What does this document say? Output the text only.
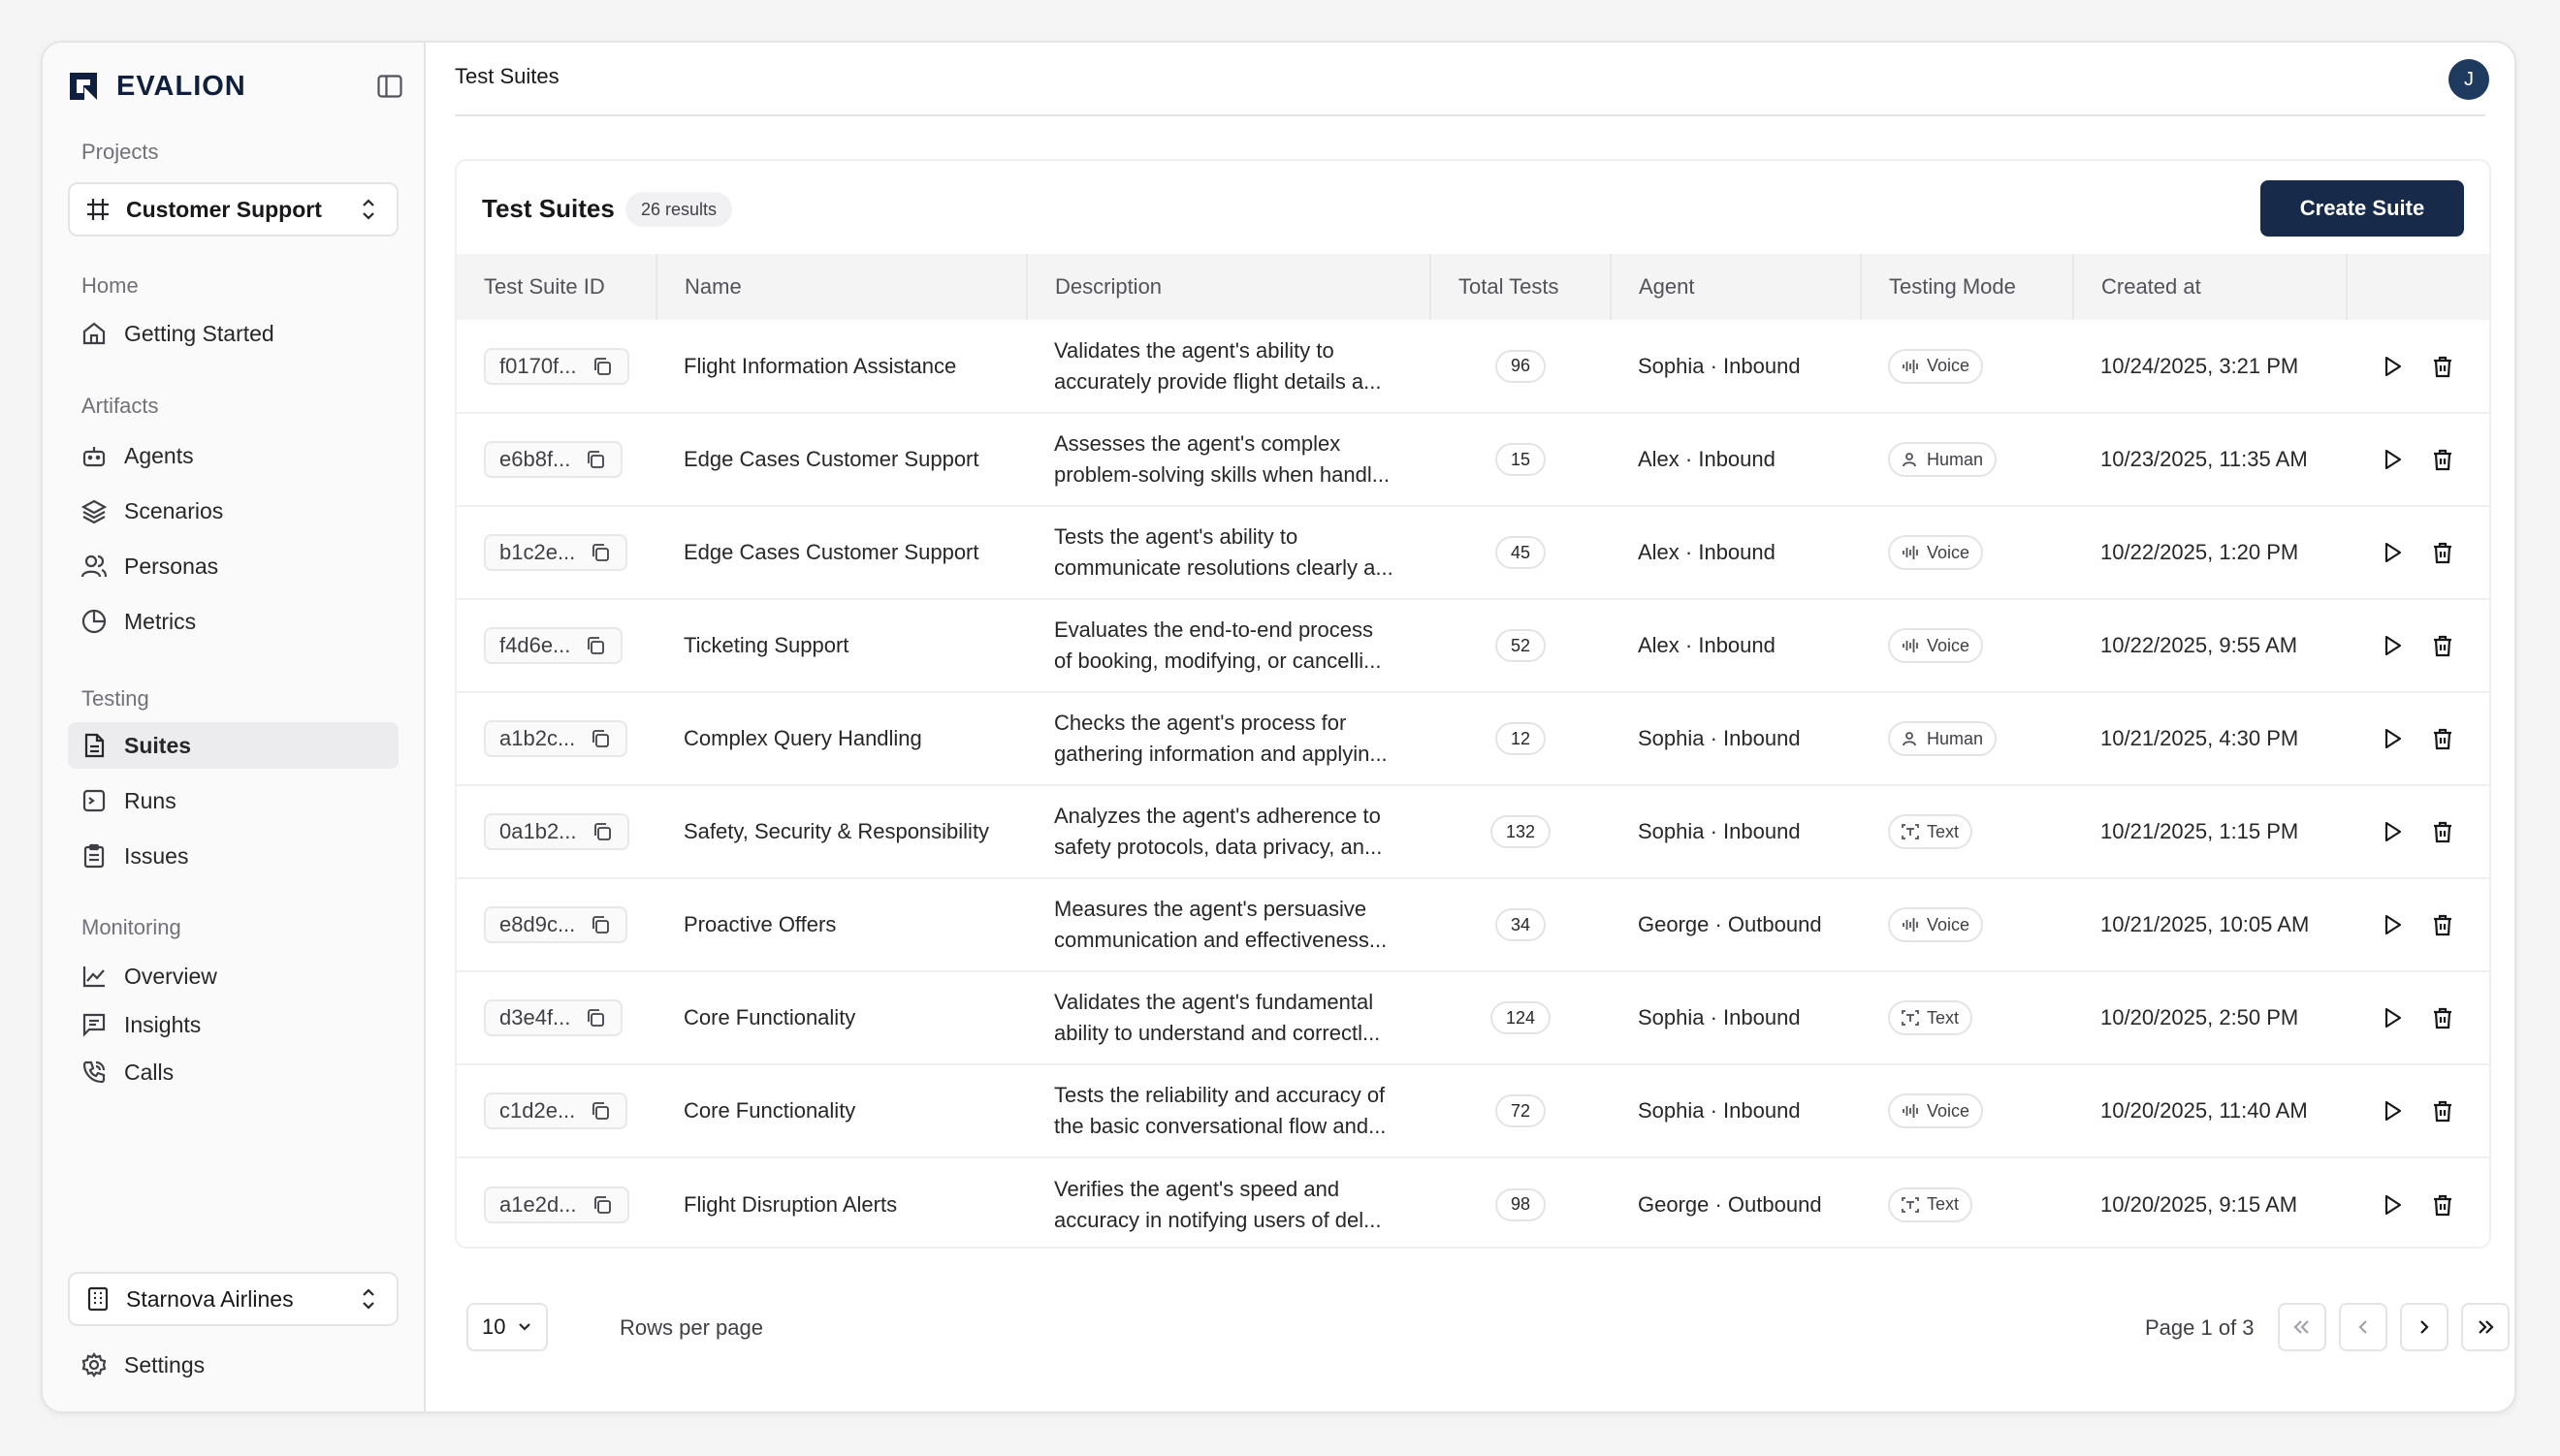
EVALION
Projects
Customer Support
Home
Getting Started
Artifacts
Agents
Scenarios
Personas
Metrics
Testing
Suites
Runs
Issues
Monitoring
Overview
Insights
Calls
Starnova Airlines
Settings
Test Suites	J
Test Suites	26 results	Create Suite
Test Suite ID	Name	Description	Total Tests	Agent	Testing Mode	Created at	

f0170f...	Flight Information Assistance	Validates the agent's ability to
accurately provide flight details a...	96	Sophia · Inbound	Voice	10/24/2025, 3:21 PM	

e6b8f...	Edge Cases Customer Support	Assesses the agent's complex
problem-solving skills when handl...	15	Alex · Inbound	Human	10/23/2025, 11:35 AM	

b1c2e...	Edge Cases Customer Support	Tests the agent's ability to
communicate resolutions clearly a...	45	Alex · Inbound	Voice	10/22/2025, 1:20 PM	

f4d6e...	Ticketing Support	Evaluates the end-to-end process
of booking, modifying, or cancelli...	52	Alex · Inbound	Voice	10/22/2025, 9:55 AM	

a1b2c...	Complex Query Handling	Checks the agent's process for
gathering information and applyin...	12	Sophia · Inbound	Human	10/21/2025, 4:30 PM	

0a1b2...	Safety, Security & Responsibility	Analyzes the agent's adherence to
safety protocols, data privacy, an...	132	Sophia · Inbound	Text	10/21/2025, 1:15 PM	

e8d9c...	Proactive Offers	Measures the agent's persuasive
communication and effectiveness...	34	George · Outbound	Voice	10/21/2025, 10:05 AM	

d3e4f...	Core Functionality	Validates the agent's fundamental
ability to understand and correctl...	124	Sophia · Inbound	Text	10/20/2025, 2:50 PM	

c1d2e...	Core Functionality	Tests the reliability and accuracy of
the basic conversational flow and...	72	Sophia · Inbound	Voice	10/20/2025, 11:40 AM	

a1e2d...	Flight Disruption Alerts	Verifies the agent's speed and
accuracy in notifying users of del...	98	George · Outbound	Text	10/20/2025, 9:15 AM	
10	Rows per page	Page 1 of 3
